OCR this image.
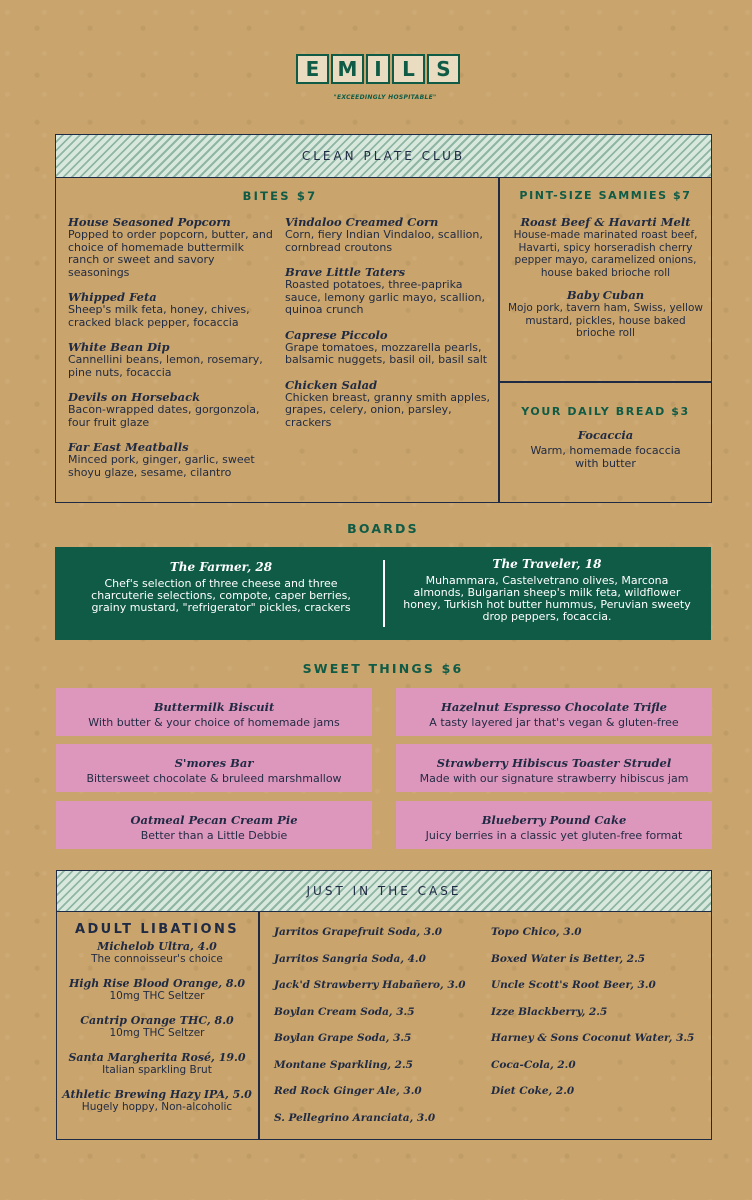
E M I	L	S
"EXCEEDINGLY HOSPITABLE"
CLEAN PLATE CLUB
BITES $7
House Seasoned Popcorn
Popped to order popcorn, butter, and choice of homemade buttermilk ranch or sweet and savory seasonings
Whipped Feta
Sheep's milk feta, honey, chives, cracked black pepper, focaccia
White Bean Dip
Cannellini beans, lemon, rosemary, pine nuts, focaccia
Devils on Horseback
Bacon-wrapped dates, gorgonzola, four fruit glaze
Far East Meatballs
Minced pork, ginger, garlic, sweet shoyu glaze, sesame, cilantro
Vindaloo Creamed Corn
Corn, fiery Indian Vindaloo, scallion, cornbread croutons
Brave Little Taters
Roasted potatoes, three-paprika sauce, lemony garlic mayo, scallion, quinoa crunch
Caprese Piccolo
Grape tomatoes, mozzarella pearls, balsamic nuggets, basil oil, basil salt
Chicken Salad
Chicken breast, granny smith apples, grapes, celery, onion, parsley, crackers
PINT-SIZE SAMMIES $7
Roast Beef & Havarti Melt
House-made marinated roast beef, Havarti, spicy horseradish cherry pepper mayo, caramelized onions, house baked brioche roll
Baby Cuban
Mojo pork, tavern ham, Swiss, yellow mustard, pickles, house baked brioche roll
YOUR DAILY BREAD $3
Focaccia
Warm, homemade focaccia with butter
BOARDS
The Farmer, 28
Chef's selection of three cheese and three charcuterie selections, compote, caper berries, grainy mustard, "refrigerator" pickles, crackers
The Traveler, 18
Muhammara, Castelvetrano olives, Marcona almonds, Bulgarian sheep's milk feta, wildflower honey, Turkish hot butter hummus, Peruvian sweety drop peppers, focaccia.
SWEET THINGS $6
Buttermilk Biscuit
With butter & your choice of homemade jams
Hazelnut Espresso Chocolate Trifle
A tasty layered jar that's vegan & gluten-free
S'mores Bar
Bittersweet chocolate & bruleed marshmallow
Strawberry Hibiscus Toaster Strudel
Made with our signature strawberry hibiscus jam
Oatmeal Pecan Cream Pie
Better than a Little Debbie
Blueberry Pound Cake
Juicy berries in a classic yet gluten-free format
JUST IN THE CASE
ADULT LIBATIONS
Michelob Ultra, 4.0
The connoisseur's choice
High Rise Blood Orange, 8.0
10mg THC Seltzer
Cantrip Orange THC, 8.0
10mg THC Seltzer
Santa Margherita Rosé, 19.0
Italian sparkling Brut
Athletic Brewing Hazy IPA, 5.0
Hugely hoppy, Non-alcoholic
Jarritos Grapefruit Soda, 3.0
Jarritos Sangria Soda, 4.0
Jack'd Strawberry Habañero, 3.0
Boylan Cream Soda, 3.5
Boylan Grape Soda, 3.5
Montane Sparkling, 2.5
Red Rock Ginger Ale, 3.0
S. Pellegrino Aranciata, 3.0
Topo Chico, 3.0
Boxed Water is Better, 2.5
Uncle Scott's Root Beer, 3.0
Izze Blackberry, 2.5
Harney & Sons Coconut Water, 3.5
Coca-Cola, 2.0
Diet Coke, 2.0
